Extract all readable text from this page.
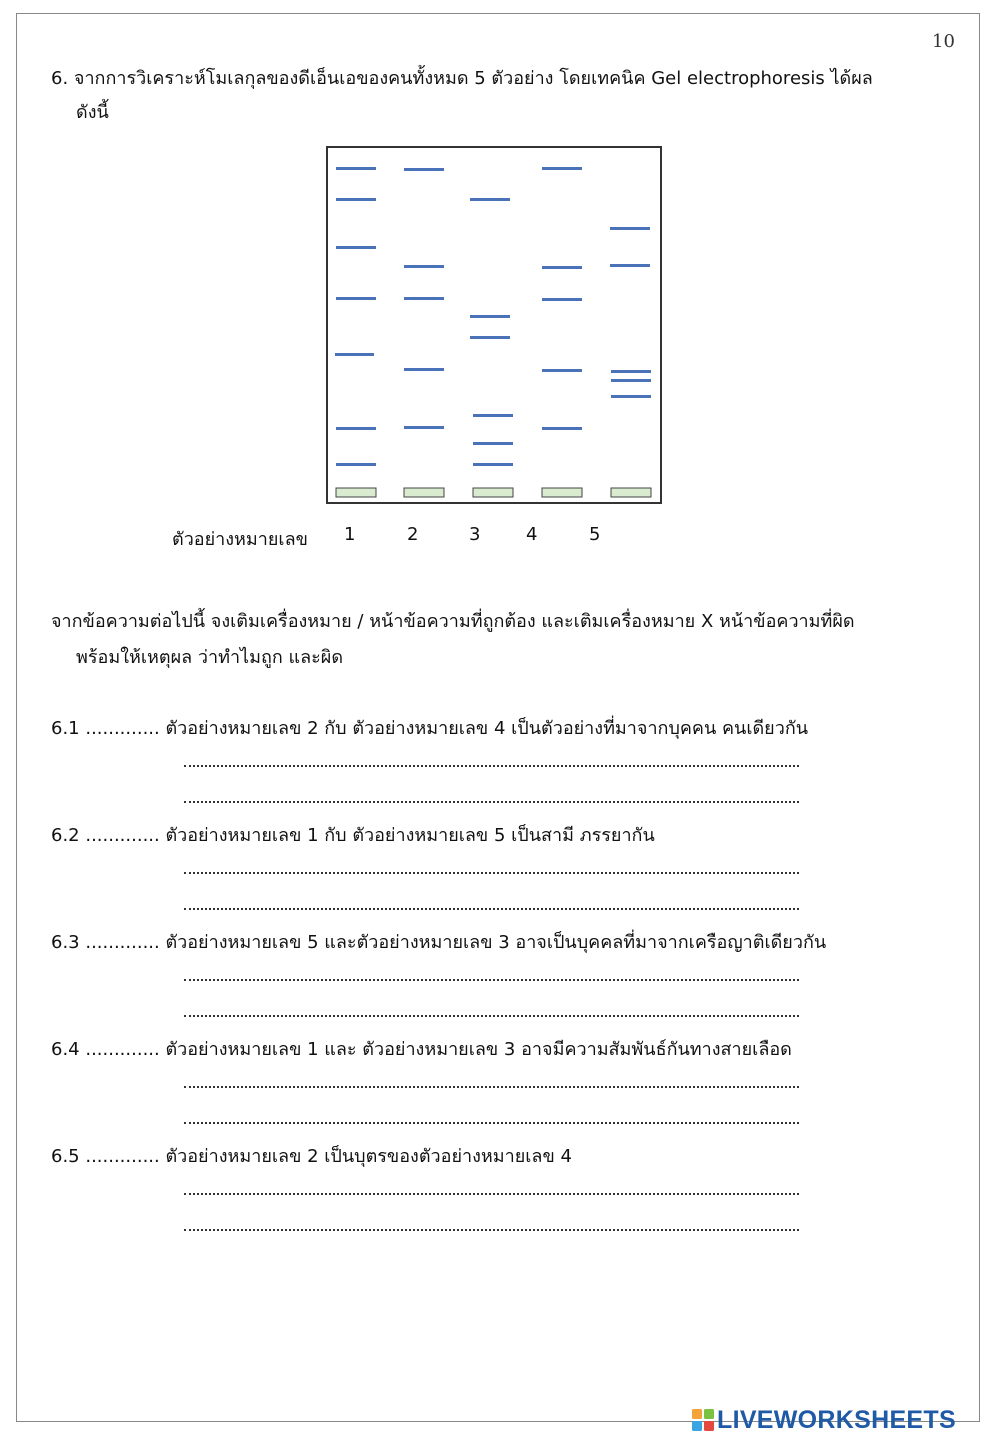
10
6. จากการวิเคราะห์โมเลกุลของดีเอ็นเอของคนทั้งหมด 5 ตัวอย่าง โดยเทคนิค Gel electrophoresis ได้ผล
ดังนี้
ตัวอย่างหมายเลข 1	2	3	4	5
จากข้อความต่อไปนี้ จงเติมเครื่องหมาย / หน้าข้อความที่ถูกต้อง และเติมเครื่องหมาย X หน้าข้อความที่ผิด
พร้อมให้เหตุผล ว่าทำไมถูก และผิด
6.1 ............. ตัวอย่างหมายเลข 2 กับ ตัวอย่างหมายเลข 4 เป็นตัวอย่างที่มาจากบุคคน คนเดียวกัน
6.2 ............. ตัวอย่างหมายเลข 1 กับ ตัวอย่างหมายเลข 5 เป็นสามี ภรรยากัน
6.3 ............. ตัวอย่างหมายเลข 5 และตัวอย่างหมายเลข 3 อาจเป็นบุคคลที่มาจากเครือญาติเดียวกัน
6.4 ............. ตัวอย่างหมายเลข 1 และ ตัวอย่างหมายเลข 3 อาจมีความสัมพันธ์กันทางสายเลือด
6.5 ............. ตัวอย่างหมายเลข 2 เป็นบุตรของตัวอย่างหมายเลข 4
LIVEWORKSHEETS
